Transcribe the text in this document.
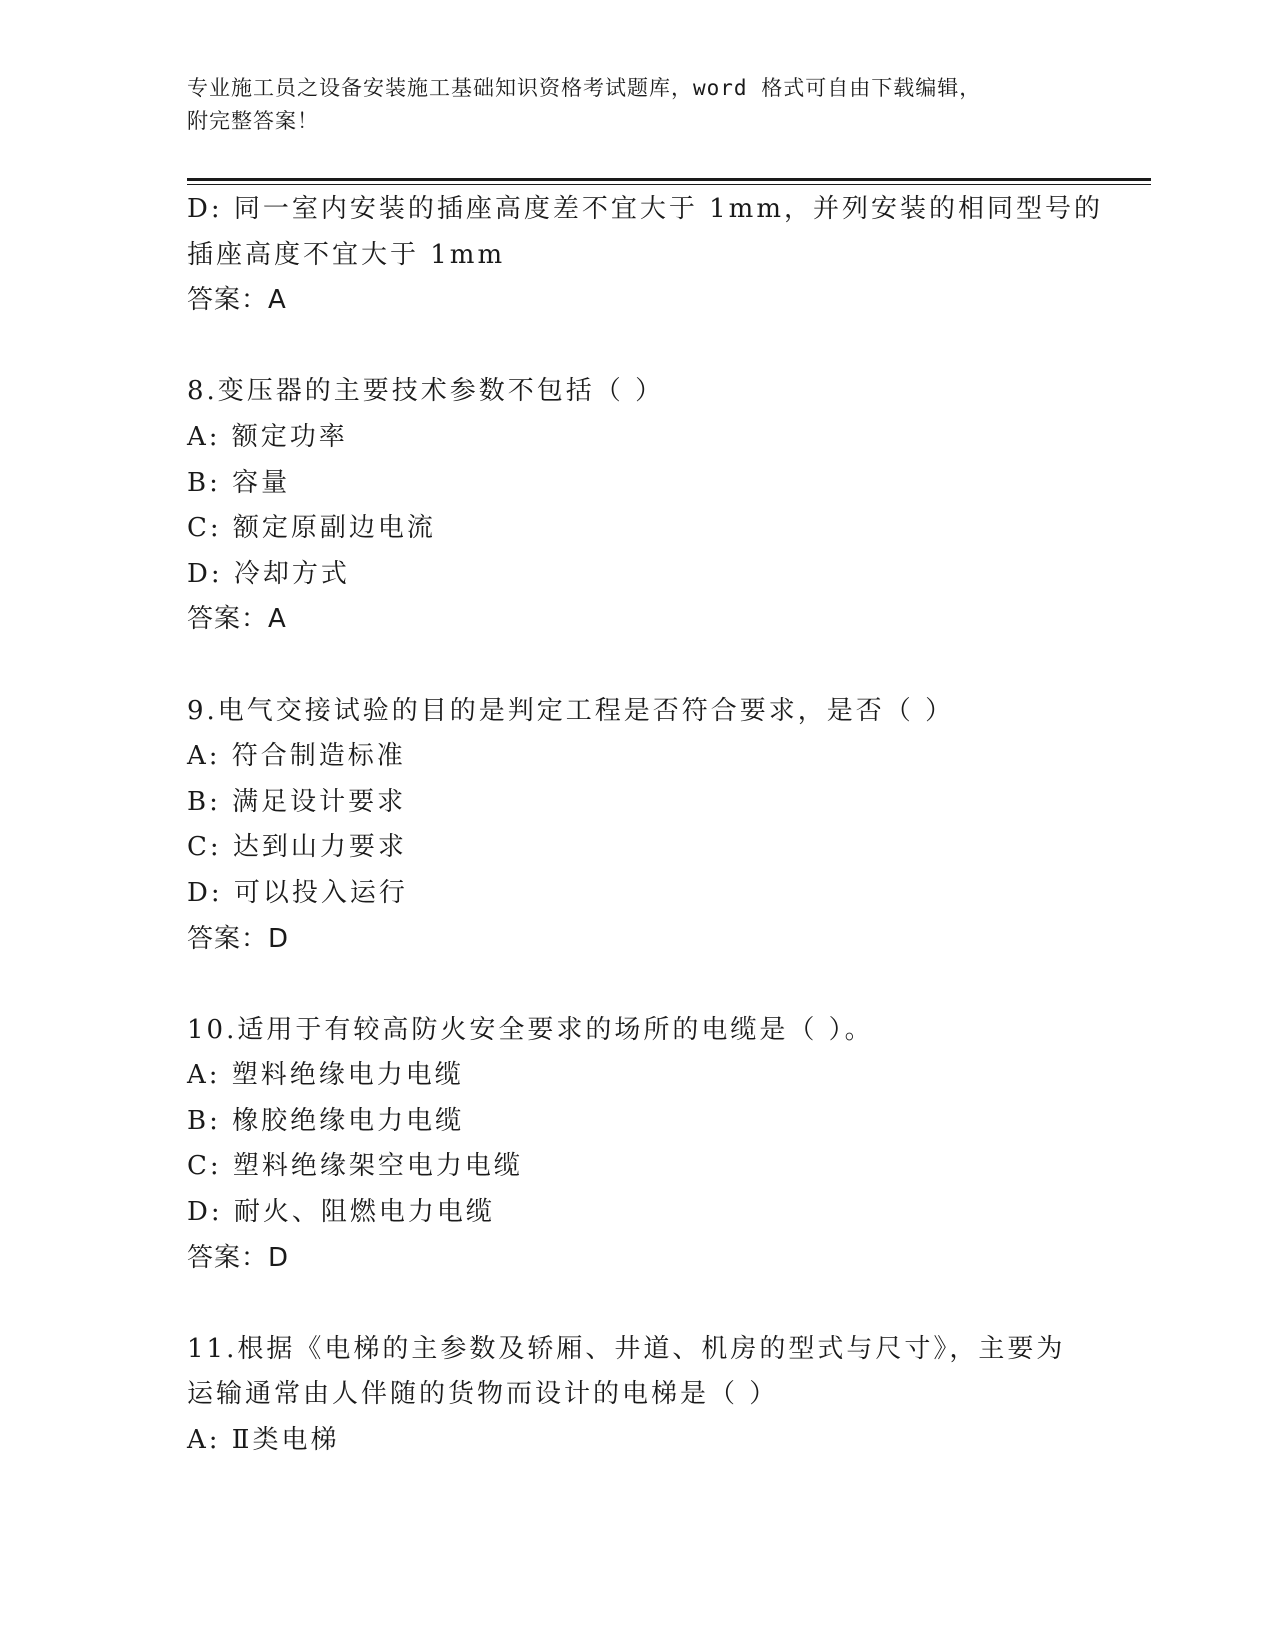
专业施工员之设备安装施工基础知识资格考试题库，word 格式可自由下载编辑，
附完整答案！
D: 同一室内安装的插座高度差不宜大于 1mm，并列安装的相同型号的
插座高度不宜大于 1mm
答案：A
8.变压器的主要技术参数不包括（ ）
A: 额定功率
B: 容量
C: 额定原副边电流
D: 冷却方式
答案：A
9.电气交接试验的目的是判定工程是否符合要求，是否（ ）
A: 符合制造标准
B: 满足设计要求
C: 达到山力要求
D: 可以投入运行
答案：D
10.适用于有较高防火安全要求的场所的电缆是（ ）。
A: 塑料绝缘电力电缆
B: 橡胶绝缘电力电缆
C: 塑料绝缘架空电力电缆
D: 耐火、阻燃电力电缆
答案：D
11.根据《电梯的主参数及轿厢、井道、机房的型式与尺寸》，主要为
运输通常由人伴随的货物而设计的电梯是（ ）
A: Ⅱ类电梯
